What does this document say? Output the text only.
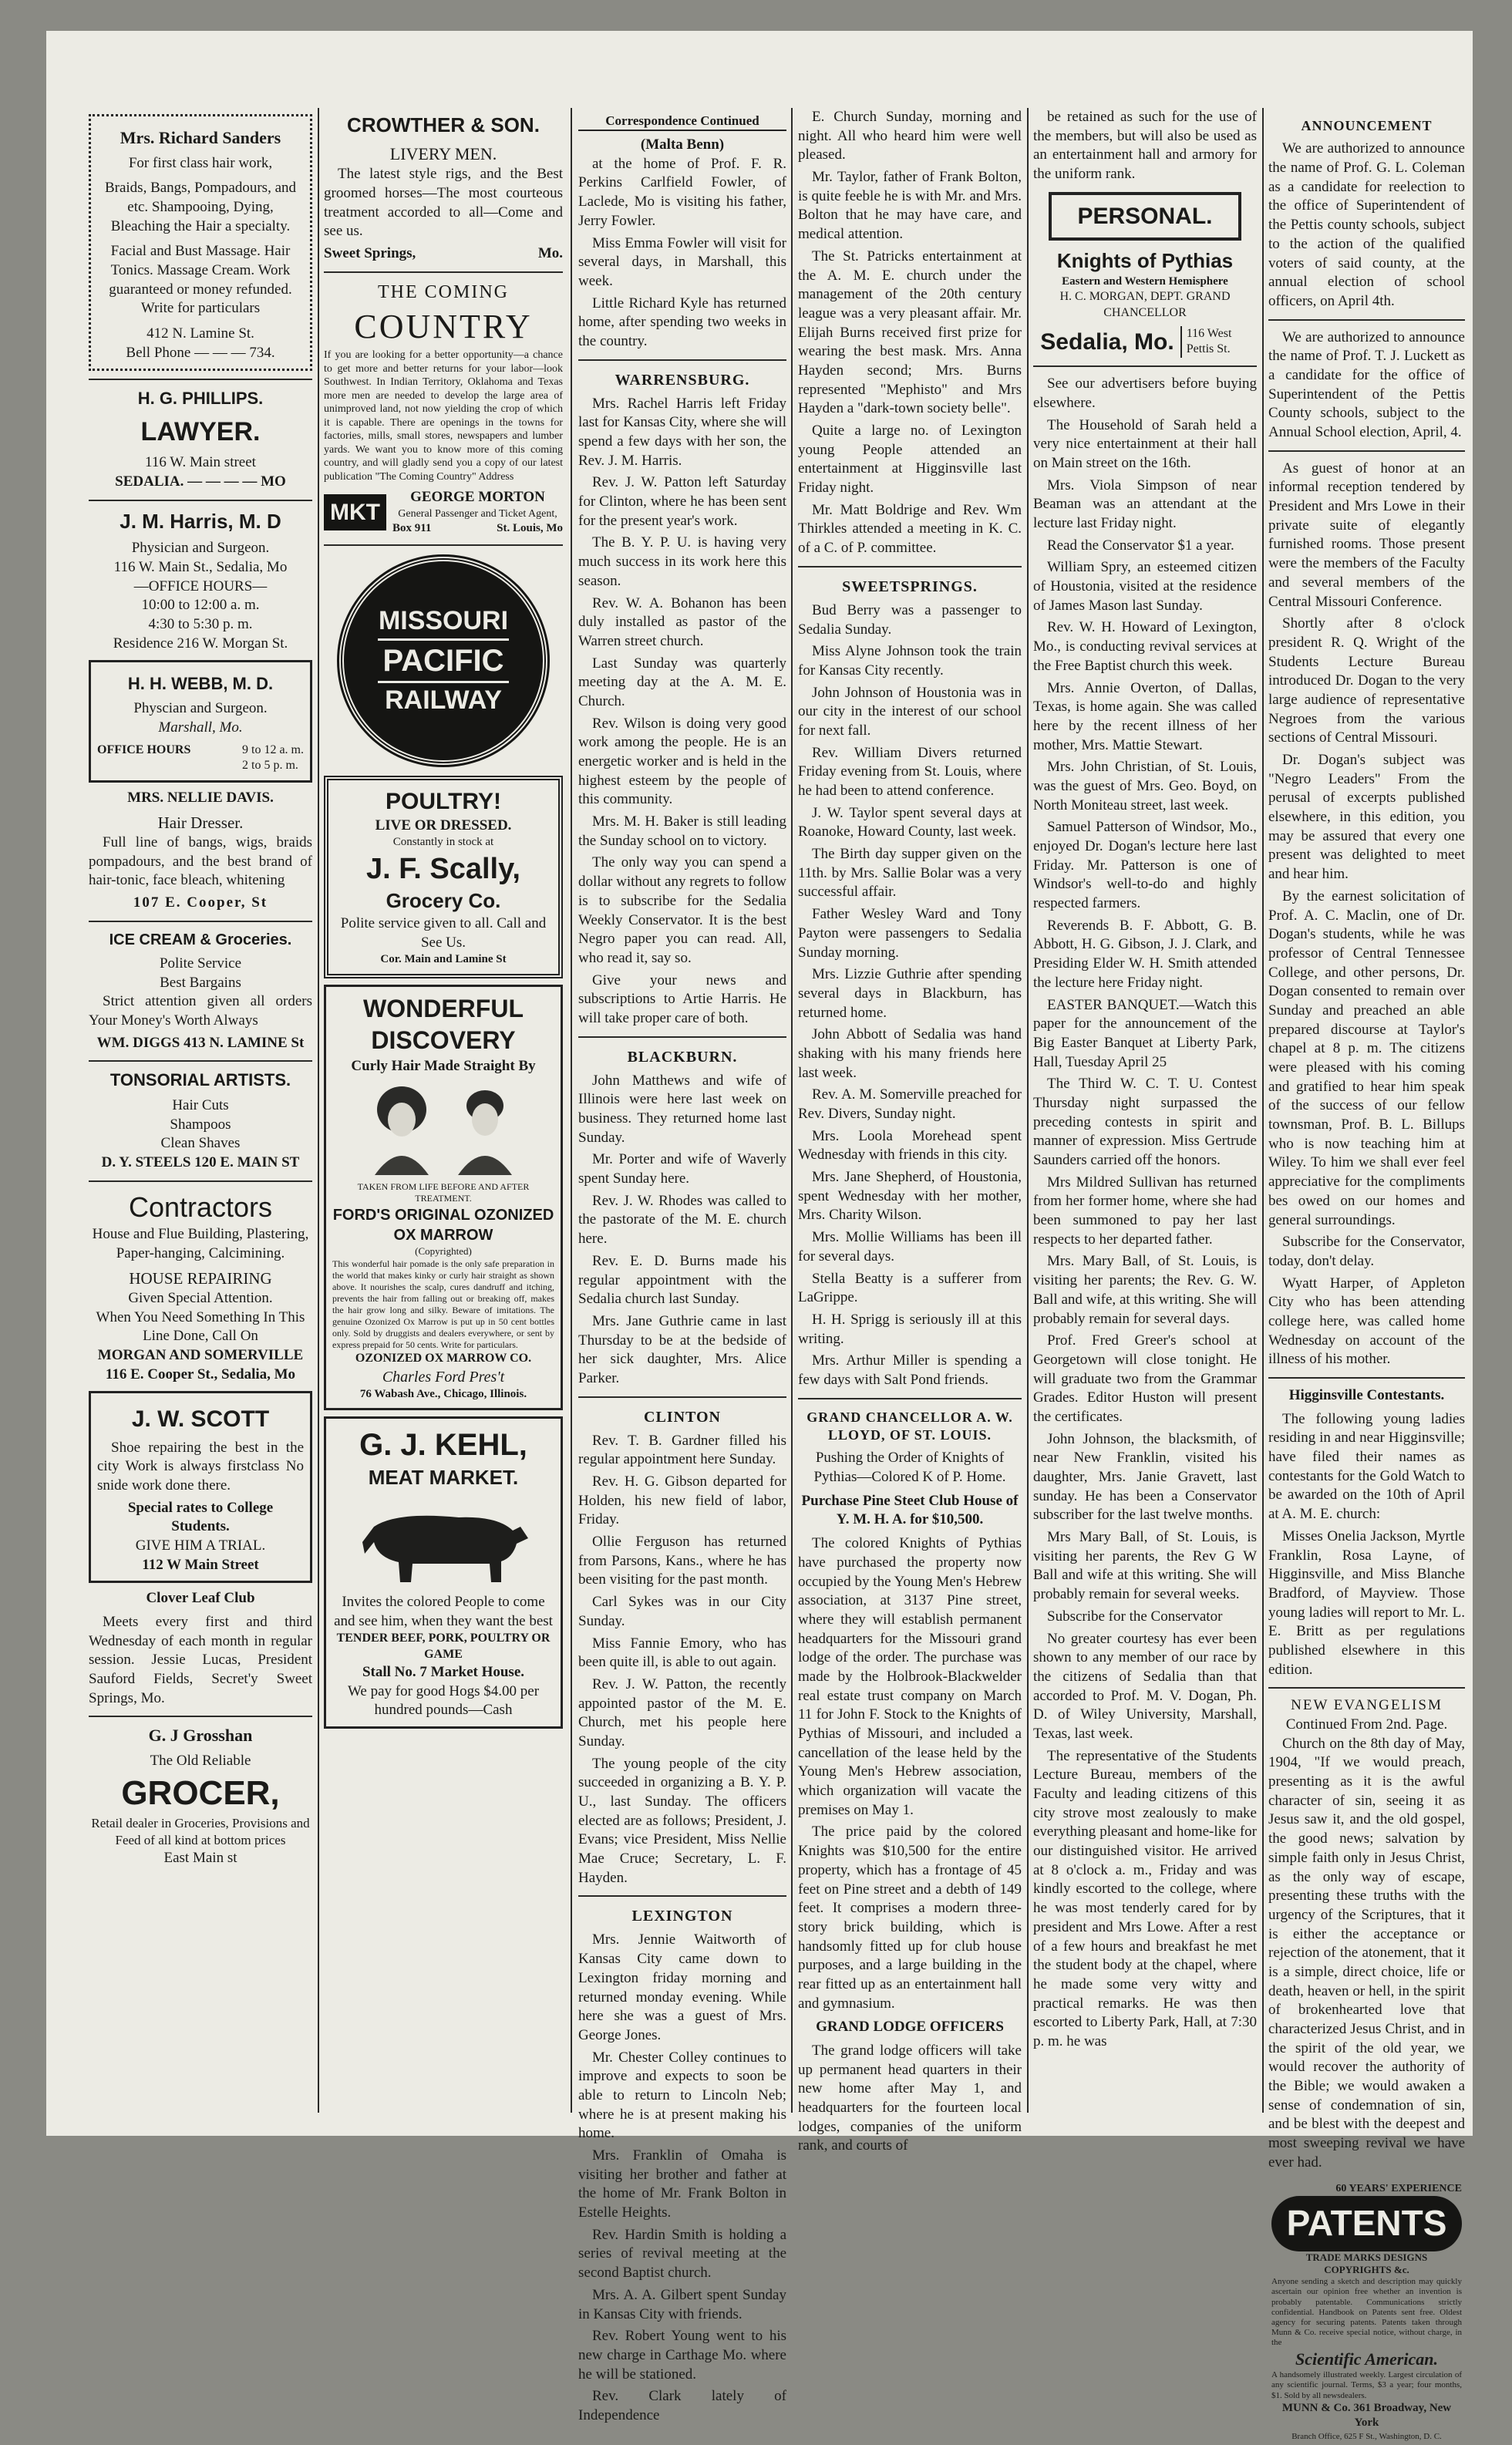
Mrs. Richard Sanders
For first class hair work,
Braids, Bangs, Pompadours, and etc. Shampooing, Dying, Bleaching the Hair a specialty.
Facial and Bust Massage. Hair Tonics. Massage Cream. Work guaranteed or money refunded. Write for particulars
412 N. Lamine St.
Bell Phone — — — 734.
H. G. PHILLIPS.
LAWYER.
116 W. Main street
SEDALIA. — — — — MO
J. M. Harris, M. D
Physician and Surgeon.
116 W. Main St., Sedalia, Mo
—OFFICE HOURS—
10:00 to 12:00 a. m.
4:30 to 5:30 p. m.
Residence 216 W. Morgan St.
H. H. WEBB, M. D.
Physcian and Surgeon.
Marshall, Mo.
OFFICE HOURS	9 to 12 a. m.
2 to 5 p. m.
MRS. NELLIE DAVIS.
Hair Dresser.
Full line of bangs, wigs, braids pompadours, and the best brand of hair-tonic, face bleach, whitening
107 E. Cooper, St
ICE CREAM & Groceries.
Polite Service
Best Bargains
Strict attention given all orders Your Money's Worth Always
WM. DIGGS 413 N. LAMINE St
TONSORIAL ARTISTS.
Hair Cuts
Shampoos
Clean Shaves
D. Y. STEELS 120 E. MAIN ST
Contractors
House and Flue Building, Plastering, Paper-hanging, Calcimining.
HOUSE REPAIRING
Given Special Attention.
When You Need Something In This Line Done, Call On
MORGAN AND SOMERVILLE
116 E. Cooper St., Sedalia, Mo
J. W. SCOTT
Shoe repairing the best in the city Work is always firstclass No snide work done there.
Special rates to College Students.
GIVE HIM A TRIAL.
112 W Main Street
Clover Leaf Club
Meets every first and third Wednesday of each month in regular session. Jessie Lucas, President Sauford Fields, Secret'y Sweet Springs, Mo.
G. J Grosshan
The Old Reliable
GROCER,
Retail dealer in Groceries, Provisions and Feed of all kind at bottom prices
East Main st
CROWTHER & SON.
LIVERY MEN.
The latest style rigs, and the Best groomed horses—The most courteous treatment accorded to all—Come and see us.
Sweet Springs,	Mo.
THE COMING
COUNTRY
If you are looking for a better opportunity—a chance to get more and better returns for your labor—look Southwest. In Indian Territory, Oklahoma and Texas more men are needed to develop the large area of unimproved land, not now yielding the crop of which it is capable. There are openings in the towns for factories, mills, small stores, newspapers and lumber yards. We want you to know more of this coming country, and will gladly send you a copy of our latest publication "The Coming Country" Address
MKT
GEORGE MORTON
General Passenger and Ticket Agent,
Box 911	St. Louis, Mo
MISSOURI
PACIFIC
RAILWAY
POULTRY!
LIVE OR DRESSED.
Constantly in stock at
J. F. Scally,
Grocery Co.
Polite service given to all. Call and See Us.
Cor. Main and Lamine St
WONDERFUL
DISCOVERY
Curly Hair Made Straight By
TAKEN FROM LIFE BEFORE AND AFTER TREATMENT.
FORD'S ORIGINAL OZONIZED OX MARROW
(Copyrighted)
This wonderful hair pomade is the only safe preparation in the world that makes kinky or curly hair straight as shown above. It nourishes the scalp, cures dandruff and itching, prevents the hair from falling out or breaking off, makes the hair grow long and silky. Beware of imitations. The genuine Ozonized Ox Marrow is put up in 50 cent bottles only. Sold by druggists and dealers everywhere, or sent by express prepaid for 50 cents. Write for particulars.
OZONIZED OX MARROW CO.
Charles Ford Pres't
76 Wabash Ave., Chicago, Illinois.
G. J. KEHL,
MEAT MARKET.
Invites the colored People to come and see him, when they want the best
TENDER BEEF, PORK, POULTRY OR GAME
Stall No. 7 Market House.
We pay for good Hogs $4.00 per hundred pounds—Cash
Correspondence Continued
(Malta Benn)

at the home of Prof. F. R. Perkins Carlfield Fowler, of Laclede, Mo is visiting his father, Jerry Fowler.

Miss Emma Fowler will visit for several days, in Marshall, this week.

Little Richard Kyle has returned home, after spending two weeks in the country.

WARRENSBURG.

Mrs. Rachel Harris left Friday last for Kansas City, where she will spend a few days with her son, the Rev. J. M. Harris.

Rev. J. W. Patton left Saturday for Clinton, where he has been sent for the present year's work.

The B. Y. P. U. is having very much success in its work here this season.

Rev. W. A. Bohanon has been duly installed as pastor of the Warren street church.

Last Sunday was quarterly meeting day at the A. M. E. Church.

Rev. Wilson is doing very good work among the people. He is an energetic worker and is held in the highest esteem by the people of this community.

Mrs. M. H. Baker is still leading the Sunday school on to victory.

The only way you can spend a dollar without any regrets to follow is to subscribe for the Sedalia Weekly Conservator. It is the best Negro paper you can read. All, who read it, say so.

Give your news and subscriptions to Artie Harris. He will take proper care of both.

BLACKBURN.

John Matthews and wife of Illinois were here last week on business. They returned home last Sunday.

Mr. Porter and wife of Waverly spent Sunday here.

Rev. J. W. Rhodes was called to the pastorate of the M. E. church here.

Rev. E. D. Burns made his regular appointment with the Sedalia church last Sunday.

Mrs. Jane Guthrie came in last Thursday to be at the bedside of her sick daughter, Mrs. Alice Parker.

CLINTON

Rev. T. B. Gardner filled his regular appointment here Sunday.

Rev. H. G. Gibson departed for Holden, his new field of labor, Friday.

Ollie Ferguson has returned from Parsons, Kans., where he has been visiting for the past month.

Carl Sykes was in our City Sunday.

Miss Fannie Emory, who has been quite ill, is able to out again.

Rev. J. W. Patton, the recently appointed pastor of the M. E. Church, met his people here Sunday.

The young people of the city succeeded in organizing a B. Y. P. U., last Sunday. The officers elected are as follows; President, J. Evans; vice President, Miss Nellie Mae Cruce; Secretary, L. F. Hayden.

LEXINGTON

Mrs. Jennie Waitworth of Kansas City came down to Lexington friday morning and returned monday evening. While here she was a guest of Mrs. George Jones.

Mr. Chester Colley continues to improve and expects to soon be able to return to Lincoln Neb; where he is at present making his home.

Mrs. Franklin of Omaha is visiting her brother and father at the home of Mr. Frank Bolton in Estelle Heights.

Rev. Hardin Smith is holding a series of revival meeting at the second Baptist church.

Mrs. A. A. Gilbert spent Sunday in Kansas City with friends.

Rev. Robert Young went to his new charge in Carthage Mo. where he will be stationed.

Rev. Clark lately of Independence

E. Church Sunday, morning and night. All who heard him were well pleased.

Mr. Taylor, father of Frank Bolton, is quite feeble he is with Mr. and Mrs. Bolton that he may have care, and medical attention.

The St. Patricks entertainment at the A. M. E. church under the management of the 20th century league was a very pleasant affair. Mr. Elijah Burns received first prize for wearing the best mask. Mrs. Anna Hayden second; Mrs. Burns represented "Mephisto" and Mrs Hayden a "dark-town society belle".

Quite a large no. of Lexington young People attended an entertainment at Higginsville last Friday night.

Mr. Matt Boldrige and Rev. Wm Thirkles attended a meeting in K. C. of a C. of P. committee.

SWEETSPRINGS.

Bud Berry was a passenger to Sedalia Sunday.

Miss Alyne Johnson took the train for Kansas City recently.

John Johnson of Houstonia was in our city in the interest of our school for next fall.

Rev. William Divers returned Friday evening from St. Louis, where he had been to attend conference.

J. W. Taylor spent several days at Roanoke, Howard County, last week.

The Birth day supper given on the 11th. by Mrs. Sallie Bolar was a very successful affair.

Father Wesley Ward and Tony Payton were passengers to Sedalia Sunday morning.

Mrs. Lizzie Guthrie after spending several days in Blackburn, has returned home.

John Abbott of Sedalia was hand shaking with his many friends here last week.

Rev. A. M. Somerville preached for Rev. Divers, Sunday night.

Mrs. Loola Morehead spent Wednesday with friends in this city.

Mrs. Jane Shepherd, of Houstonia, spent Wednesday with her mother, Mrs. Charity Wilson.

Mrs. Mollie Williams has been ill for several days.

Stella Beatty is a sufferer from LaGrippe.

H. H. Sprigg is seriously ill at this writing.

Mrs. Arthur Miller is spending a few days with Salt Pond friends.

GRAND CHANCELLOR A. W. LLOYD, OF ST. LOUIS.
Pushing the Order of Knights of Pythias—Colored K of P. Home.
Purchase Pine Steet Club House of Y. M. H. A. for $10,500.

The colored Knights of Pythias have purchased the property now occupied by the Young Men's Hebrew association, at 3137 Pine street, where they will establish permanent headquarters for the Missouri grand lodge of the order. The purchase was made by the Holbrook-Blackwelder real estate trust company on March 11 for John F. Stock to the Knights of Pythias of Missouri, and included a cancellation of the lease held by the Young Men's Hebrew association, which organization will vacate the premises on May 1.

The price paid by the colored Knights was $10,500 for the entire property, which has a frontage of 45 feet on Pine street and a debth of 149 feet. It comprises a modern three-story brick building, which is handsomly fitted up for club house purposes, and a large building in the rear fitted up as an entertainment hall and gymnasium.

GRAND LODGE OFFICERS

The grand lodge officers will take up permanent head quarters in their new home after May 1, and headquarters for the fourteen local lodges, companies of the uniform rank, and courts of

be retained as such for the use of the members, but will also be used as an entertainment hall and armory for the uniform rank.

PERSONAL.
Knights of Pythias
Eastern and Western Hemisphere
H. C. MORGAN, DEPT. GRAND CHANCELLOR
Sedalia, Mo.	116 West Pettis St.

See our advertisers before buying elsewhere.

The Household of Sarah held a very nice entertainment at their hall on Main street on the 16th.

Mrs. Viola Simpson of near Beaman was an attendant at the lecture last Friday night.

Read the Conservator $1 a year.

William Spry, an esteemed citizen of Houstonia, visited at the residence of James Mason last Sunday.

Rev. W. H. Howard of Lexington, Mo., is conducting revival services at the Free Baptist church this week.

Mrs. Annie Overton, of Dallas, Texas, is home again. She was called here by the recent illness of her mother, Mrs. Mattie Stewart.

Mrs. John Christian, of St. Louis, was the guest of Mrs. Geo. Boyd, on North Moniteau street, last week.

Samuel Patterson of Windsor, Mo., enjoyed Dr. Dogan's lecture here last Friday. Mr. Patterson is one of Windsor's well-to-do and highly respected farmers.

Reverends B. F. Abbott, G. B. Abbott, H. G. Gibson, J. J. Clark, and Presiding Elder W. H. Smith attended the lecture here Friday night.

EASTER BANQUET.—Watch this paper for the announcement of the Big Easter Banquet at Liberty Park, Hall, Tuesday April 25

The Third W. C. T. U. Contest Thursday night surpassed the preceding contests in spirit and manner of expression. Miss Gertrude Saunders carried off the honors.

Mrs Mildred Sullivan has returned from her former home, where she had been summoned to pay her last respects to her departed father.

Mrs. Mary Ball, of St. Louis, is visiting her parents; the Rev. G. W. Ball and wife, at this writing. She will probably remain for several days.

Prof. Fred Greer's school at Georgetown will close tonight. He will graduate two from the Grammar Grades. Editor Huston will present the certificates.

John Johnson, the blacksmith, of near New Franklin, visited his daughter, Mrs. Janie Gravett, last sunday. He has been a Conservator subscriber for the last twelve months.

Mrs Mary Ball, of St. Louis, is visiting her parents, the Rev G W Ball and wife at this writing. She will probably remain for several weeks.

Subscribe for the Conservator

No greater courtesy has ever been shown to any member of our race by the citizens of Sedalia than that accorded to Prof. M. V. Dogan, Ph. D. of Wiley University, Marshall, Texas, last week.

The representative of the Students Lecture Bureau, members of the Faculty and leading citizens of this city strove most zealously to make everything pleasant and home-like for our distinguished visitor. He arrived at 8 o'clock a. m., Friday and was kindly escorted to the college, where he was most tenderly cared for by president and Mrs Lowe. After a rest of a few hours and breakfast he met the student body at the chapel, where he made some very witty and practical remarks. He was then escorted to Liberty Park, Hall, at 7:30 p. m. he was

ANNOUNCEMENT

We are authorized to announce the name of Prof. G. L. Coleman as a candidate for reelection to the office of Superintendent of the Pettis county schools, subject to the action of the qualified voters of said county, at the annual election of school officers, on April 4th.

We are authorized to announce the name of Prof. T. J. Luckett as a candidate for the office of Superintendent of the Pettis County schools, subject to the Annual School election, April, 4.

As guest of honor at an informal reception tendered by President and Mrs Lowe in their private suite of elegantly furnished rooms. Those present were the members of the Faculty and several members of the Central Missouri Conference.

Shortly after 8 o'clock president R. Q. Wright of the Students Lecture Bureau introduced Dr. Dogan to the very large audience of representative Negroes from the various sections of Central Missouri.

Dr. Dogan's subject was "Negro Leaders" From the perusal of excerpts published elsewhere, in this edition, you may be assured that every one present was delighted to meet and hear him.

By the earnest solicitation of Prof. A. C. Maclin, one of Dr. Dogan's students, while he was professor of Central Tennessee College, and other persons, Dr. Dogan consented to remain over Sunday and preached an able prepared discourse at Taylor's chapel at 8 p. m. The citizens were pleased with his coming and gratified to hear him speak of the success of our fellow townsman, Prof. B. L. Billups who is now teaching him at Wiley. To him we shall ever feel appreciative for the compliments bes owed on our homes and general surroundings.

Subscribe for the Conservator, today, don't delay.

Wyatt Harper, of Appleton City who has been attending college here, was called home Wednesday on account of the illness of his mother.

Higginsville Contestants.

The following young ladies residing in and near Higginsville; have filed their names as contestants for the Gold Watch to be awarded on the 10th of April at A. M. E. church:

Misses Onelia Jackson, Myrtle Franklin, Rosa Layne, of Higginsville, and Miss Blanche Bradford, of Mayview. Those young ladies will report to Mr. L. E. Britt as per regulations published elsewhere in this edition.

NEW EVANGELISM
Continued From 2nd. Page.

Church on the 8th day of May, 1904, "If we would preach, presenting as it is the awful character of sin, seeing it as Jesus saw it, and the old gospel, the good news; salvation by simple faith only in Jesus Christ, as the only way of escape, presenting these truths with the urgency of the Scriptures, that it is either the acceptance or rejection of the atonement, that it is a simple, direct choice, life or death, heaven or hell, in the spirit of brokenhearted love that characterized Jesus Christ, and in the spirit of the old year, we would recover the authority of the Bible; we would awaken a sense of condemnation of sin, and be blest with the deepest and most sweeping revival we have ever had.

60 YEARS' EXPERIENCE
PATENTS
TRADE MARKS DESIGNS COPYRIGHTS &c.
Anyone sending a sketch and description may quickly ascertain our opinion free whether an invention is probably patentable. Communications strictly confidential. Handbook on Patents sent free. Oldest agency for securing patents. Patents taken through Munn & Co. receive special notice, without charge, in the
Scientific American.
A handsomely illustrated weekly. Largest circulation of any scientific journal. Terms, $3 a year; four months, $1. Sold by all newsdealers.
MUNN & Co. 361 Broadway, New York
Branch Office, 625 F St., Washington, D. C.
